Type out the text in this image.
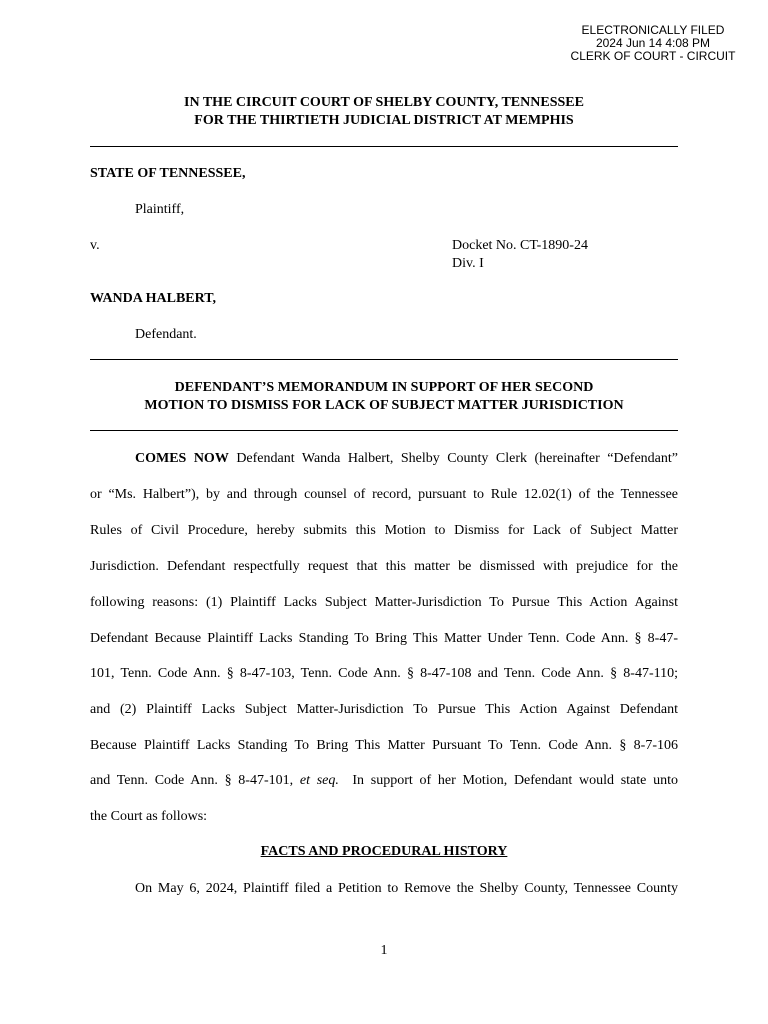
ELECTRONICALLY FILED
2024 Jun 14 4:08 PM
CLERK OF COURT - CIRCUIT
IN THE CIRCUIT COURT OF SHELBY COUNTY, TENNESSEE
FOR THE THIRTIETH JUDICIAL DISTRICT AT MEMPHIS
STATE OF TENNESSEE,
Plaintiff,
v.	Docket No. CT-1890-24
Div. I
WANDA HALBERT,
Defendant.
DEFENDANT’S MEMORANDUM IN SUPPORT OF HER SECOND
MOTION TO DISMISS FOR LACK OF SUBJECT MATTER JURISDICTION
COMES NOW Defendant Wanda Halbert, Shelby County Clerk (hereinafter “Defendant”
or “Ms. Halbert”), by and through counsel of record, pursuant to Rule 12.02(1) of the Tennessee
Rules of Civil Procedure, hereby submits this Motion to Dismiss for Lack of Subject Matter
Jurisdiction. Defendant respectfully request that this matter be dismissed with prejudice for the
following reasons: (1) Plaintiff Lacks Subject Matter-Jurisdiction To Pursue This Action Against
Defendant Because Plaintiff Lacks Standing To Bring This Matter Under Tenn. Code Ann. § 8-47-
101, Tenn. Code Ann. § 8-47-103, Tenn. Code Ann. § 8-47-108 and Tenn. Code Ann. § 8-47-110;
and (2) Plaintiff Lacks Subject Matter-Jurisdiction To Pursue This Action Against Defendant
Because Plaintiff Lacks Standing To Bring This Matter Pursuant To Tenn. Code Ann. § 8-7-106
and Tenn. Code Ann. § 8-47-101, et seq.  In support of her Motion, Defendant would state unto
the Court as follows:
FACTS AND PROCEDURAL HISTORY
On May 6, 2024, Plaintiff filed a Petition to Remove the Shelby County, Tennessee County
1
